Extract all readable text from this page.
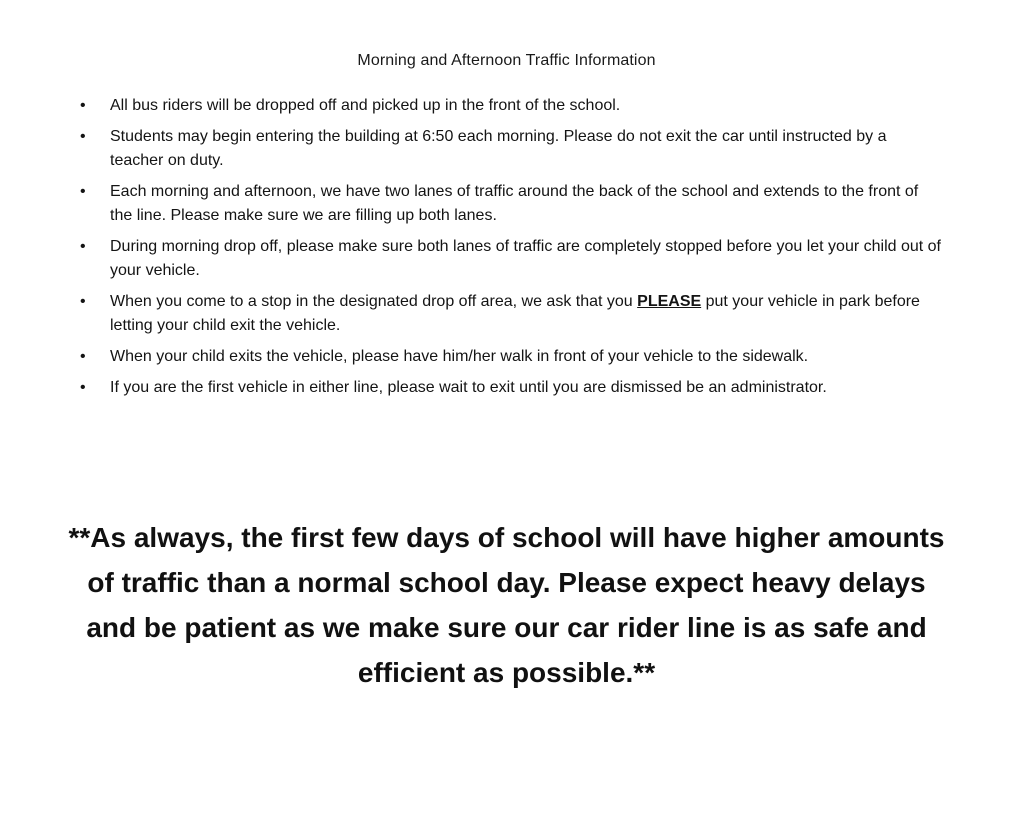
Morning and Afternoon Traffic Information
• All bus riders will be dropped off and picked up in the front of the school.
• Students may begin entering the building at 6:50 each morning. Please do not exit the car until instructed by a teacher on duty.
• Each morning and afternoon, we have two lanes of traffic around the back of the school and extends to the front of the line. Please make sure we are filling up both lanes.
• During morning drop off, please make sure both lanes of traffic are completely stopped before you let your child out of your vehicle.
• When you come to a stop in the designated drop off area, we ask that you PLEASE put your vehicle in park before letting your child exit the vehicle.
• When your child exits the vehicle, please have him/her walk in front of your vehicle to the sidewalk.
• If you are the first vehicle in either line, please wait to exit until you are dismissed be an administrator.
**As always, the first few days of school will have higher amounts of traffic than a normal school day. Please expect heavy delays and be patient as we make sure our car rider line is as safe and efficient as possible.**
